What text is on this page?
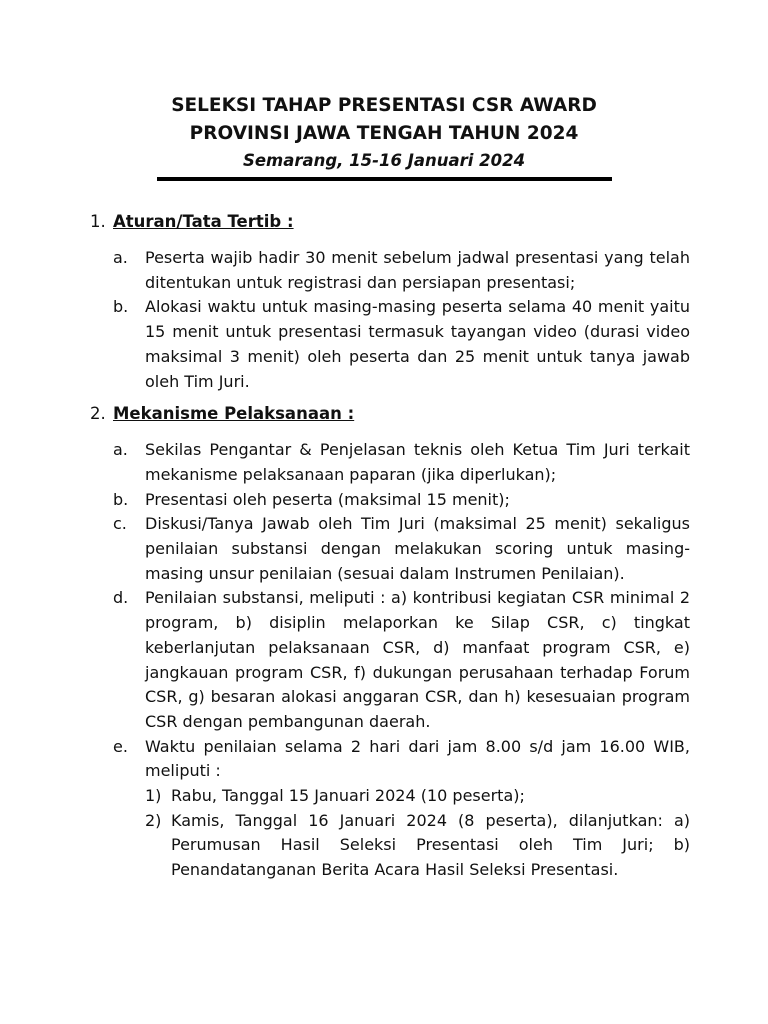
SELEKSI TAHAP PRESENTASI CSR AWARD
PROVINSI JAWA TENGAH TAHUN 2024
Semarang, 15-16 Januari 2024
1. Aturan/Tata Tertib :
a.	Peserta wajib hadir 30 menit sebelum jadwal presentasi yang telah ditentukan untuk registrasi dan persiapan presentasi;
b.	Alokasi waktu untuk masing-masing peserta selama 40 menit yaitu 15 menit untuk presentasi termasuk tayangan video (durasi video maksimal 3 menit) oleh peserta dan 25 menit untuk tanya jawab oleh Tim Juri.
2. Mekanisme Pelaksanaan :
a.	Sekilas Pengantar & Penjelasan teknis oleh Ketua Tim Juri terkait mekanisme pelaksanaan paparan (jika diperlukan);
b.	Presentasi oleh peserta (maksimal 15 menit);
c.	Diskusi/Tanya Jawab oleh Tim Juri (maksimal 25 menit) sekaligus penilaian substansi dengan melakukan scoring untuk masing-masing unsur penilaian (sesuai dalam Instrumen Penilaian).
d.	Penilaian substansi, meliputi : a) kontribusi kegiatan CSR minimal 2 program, b) disiplin melaporkan ke Silap CSR, c) tingkat keberlanjutan pelaksanaan CSR, d) manfaat program CSR, e) jangkauan program CSR, f) dukungan perusahaan terhadap Forum CSR, g) besaran alokasi anggaran CSR, dan h) kesesuaian program CSR dengan pembangunan daerah.
e.	Waktu penilaian selama 2 hari dari jam 8.00 s/d jam 16.00 WIB, meliputi :
1) Rabu, Tanggal 15 Januari 2024 (10 peserta);
2) Kamis, Tanggal 16 Januari 2024 (8 peserta), dilanjutkan: a) Perumusan Hasil Seleksi Presentasi oleh Tim Juri; b) Penandatanganan Berita Acara Hasil Seleksi Presentasi.
